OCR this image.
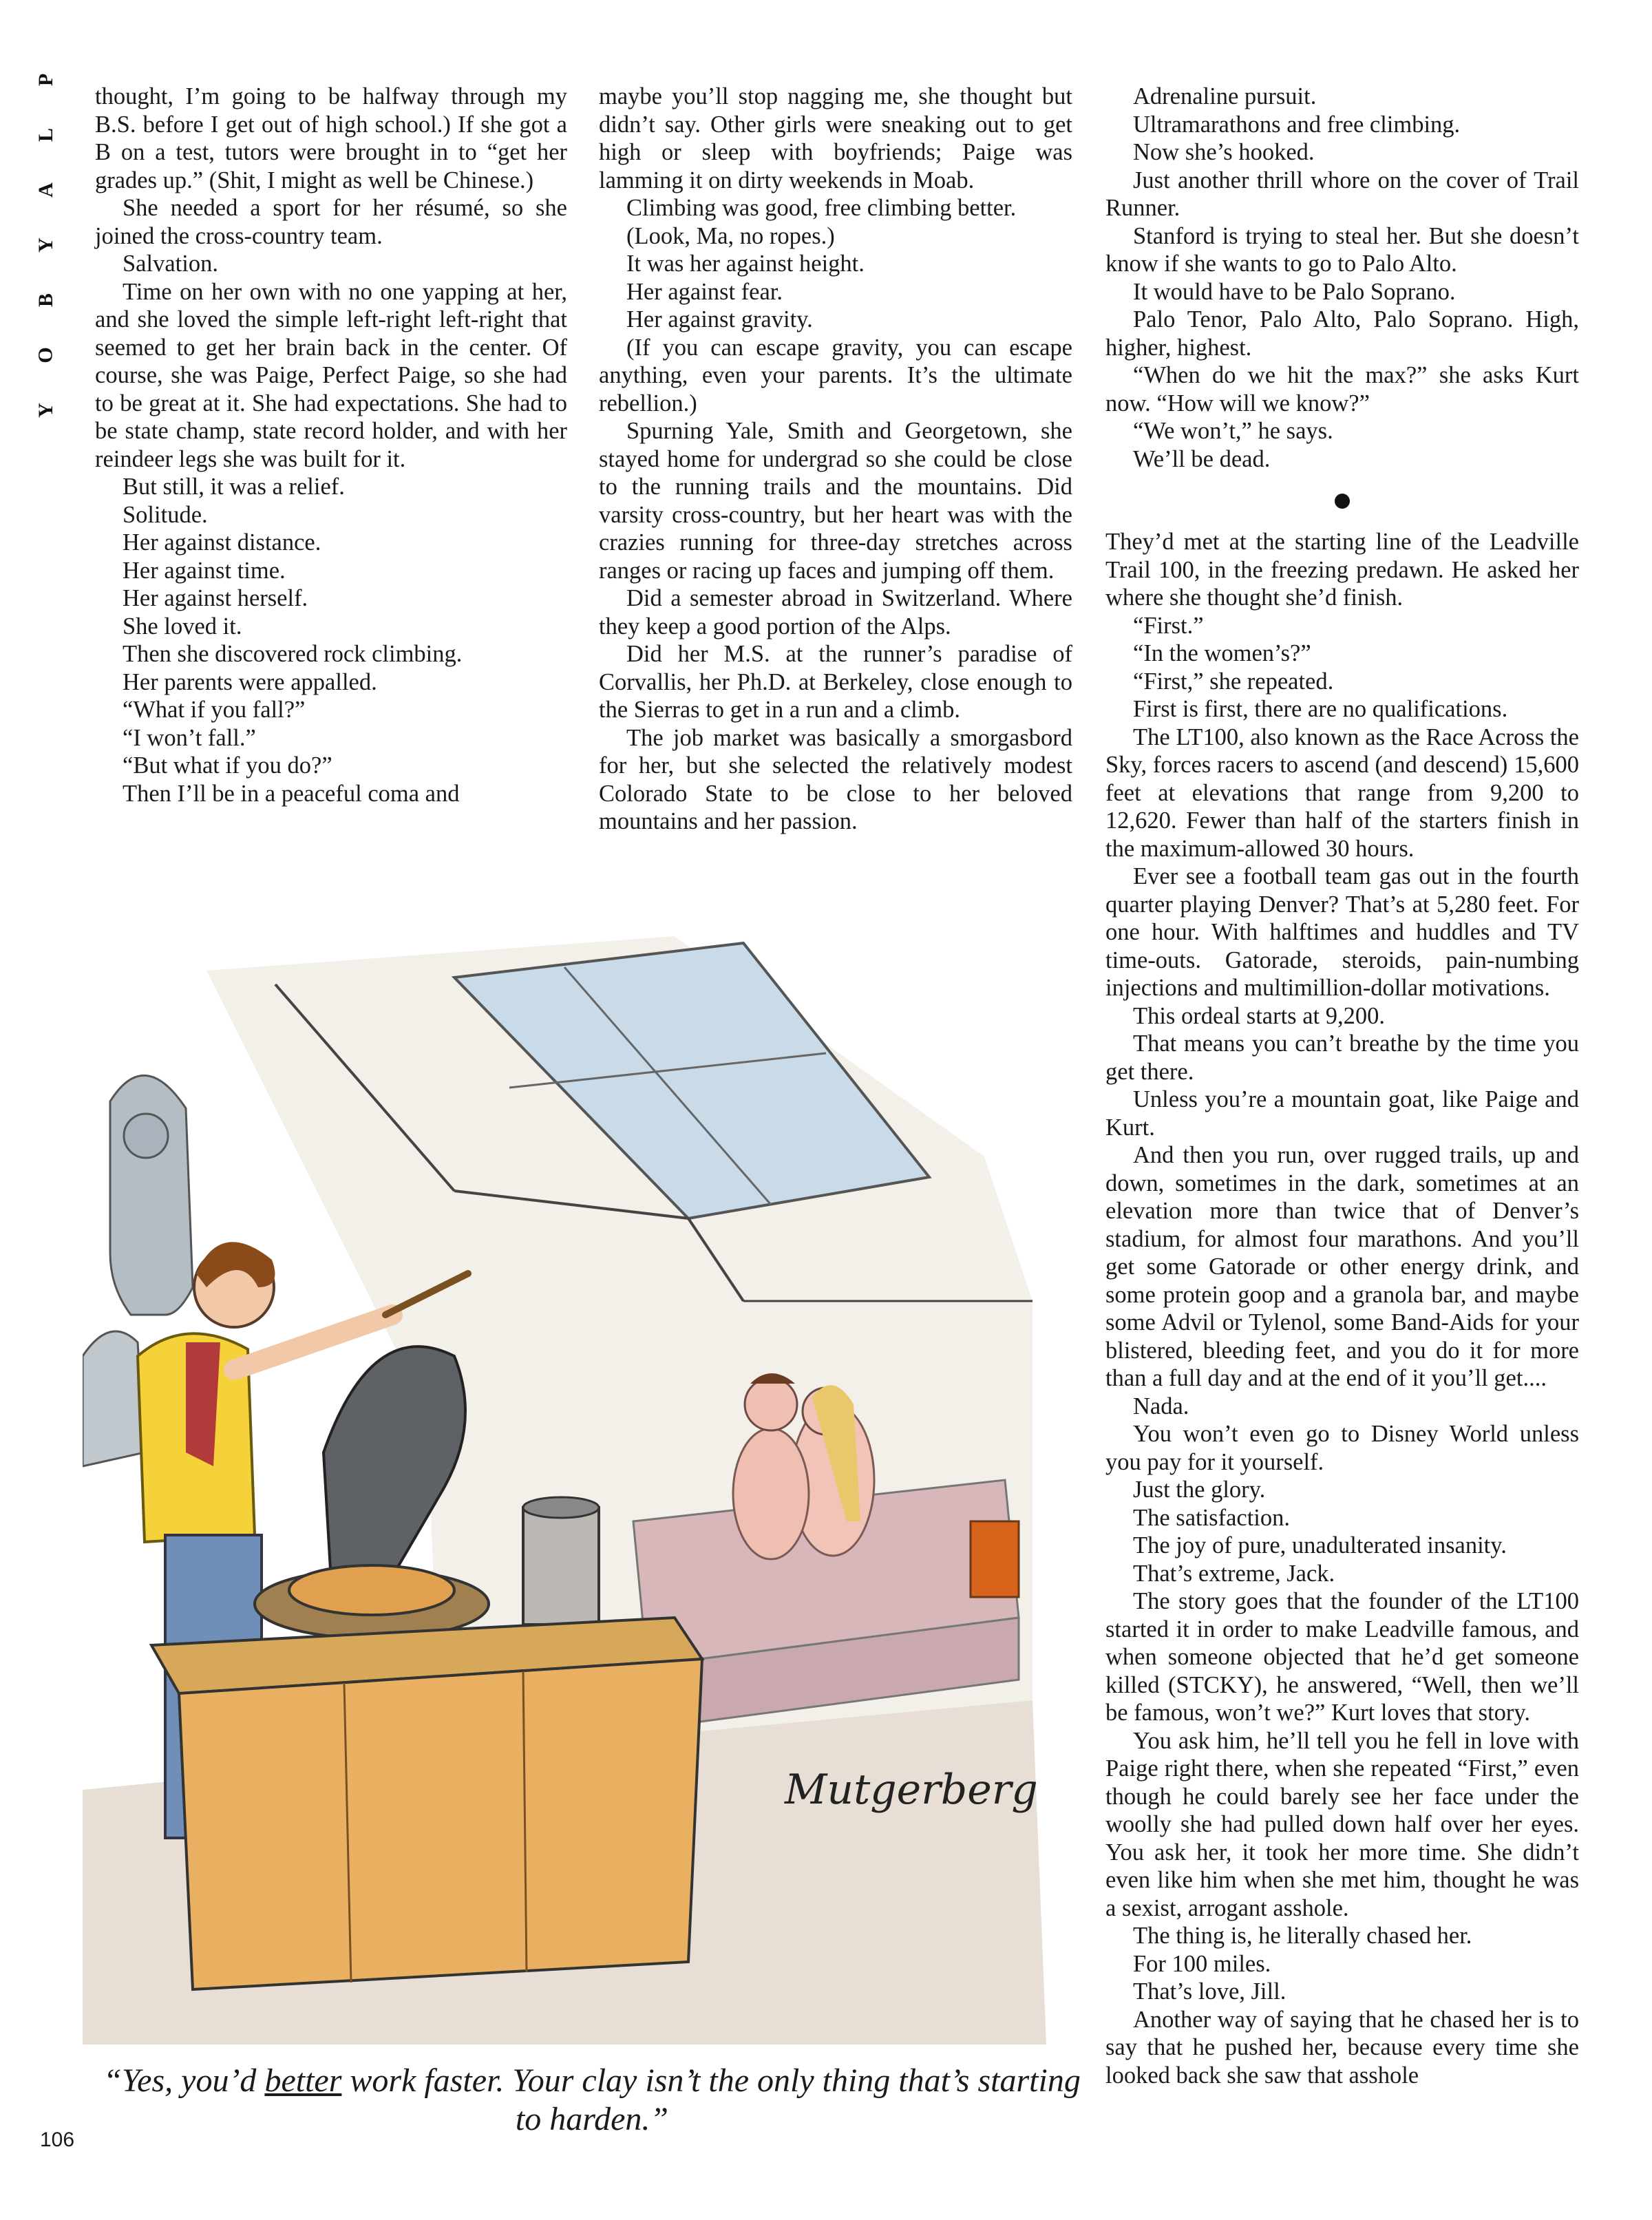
P
L
A
Y
B
O
Y

thought, I’m going to be halfway through my B.S. before I get out of high school.) If she got a B on a test, tutors were brought in to “get her grades up.” (Shit, I might as well be Chinese.)

She needed a sport for her résumé, so she joined the cross-country team.

Salvation.

Time on her own with no one yapping at her, and she loved the simple left-right left-right that seemed to get her brain back in the center. Of course, she was Paige, Perfect Paige, so she had to be great at it. She had expectations. She had to be state champ, state record holder, and with her reindeer legs she was built for it.

But still, it was a relief.

Solitude.

Her against distance.

Her against time.

Her against herself.

She loved it.

Then she discovered rock climbing.

Her parents were appalled.

“What if you fall?”

“I won’t fall.”

“But what if you do?”

Then I’ll be in a peaceful coma and

maybe you’ll stop nagging me, she thought but didn’t say. Other girls were sneaking out to get high or sleep with boyfriends; Paige was lamming it on dirty weekends in Moab.

Climbing was good, free climbing better.

(Look, Ma, no ropes.)

It was her against height.

Her against fear.

Her against gravity.

(If you can escape gravity, you can escape anything, even your parents. It’s the ultimate rebellion.)

Spurning Yale, Smith and Georgetown, she stayed home for undergrad so she could be close to the running trails and the mountains. Did varsity cross-country, but her heart was with the crazies running for three-day stretches across ranges or racing up faces and jumping off them.

Did a semester abroad in Switzerland. Where they keep a good portion of the Alps.

Did her M.S. at the runner’s paradise of Corvallis, her Ph.D. at Berkeley, close enough to the Sierras to get in a run and a climb.

The job market was basically a smorgasbord for her, but she selected the relatively modest Colorado State to be close to her beloved mountains and her passion.

Adrenaline pursuit.

Ultramarathons and free climbing.

Now she’s hooked.

Just another thrill whore on the cover of Trail Runner.

Stanford is trying to steal her. But she doesn’t know if she wants to go to Palo Alto.

It would have to be Palo Soprano.

Palo Tenor, Palo Alto, Palo Soprano. High, higher, highest.

“When do we hit the max?” she asks Kurt now. “How will we know?”

“We won’t,” he says.

We’ll be dead.

They’d met at the starting line of the Leadville Trail 100, in the freezing predawn. He asked her where she thought she’d finish.

“First.”

“In the women’s?”

“First,” she repeated.

First is first, there are no qualifications.

The LT100, also known as the Race Across the Sky, forces racers to ascend (and descend) 15,600 feet at elevations that range from 9,200 to 12,620. Fewer than half of the starters finish in the maximum-allowed 30 hours.

Ever see a football team gas out in the fourth quarter playing Denver? That’s at 5,280 feet. For one hour. With halftimes and huddles and TV time-outs. Gatorade, steroids, pain-numbing injections and multimillion-dollar motivations.

This ordeal starts at 9,200.

That means you can’t breathe by the time you get there.

Unless you’re a mountain goat, like Paige and Kurt.

And then you run, over rugged trails, up and down, sometimes in the dark, sometimes at an elevation more than twice that of Denver’s stadium, for almost four marathons. And you’ll get some Gatorade or other energy drink, and some protein goop and a granola bar, and maybe some Advil or Tylenol, some Band-Aids for your blistered, bleeding feet, and you do it for more than a full day and at the end of it you’ll get....

Nada.

You won’t even go to Disney World unless you pay for it yourself.

Just the glory.

The satisfaction.

The joy of pure, unadulterated insanity.

That’s extreme, Jack.

The story goes that the founder of the LT100 started it in order to make Leadville famous, and when someone objected that he’d get someone killed (STCKY), he answered, “Well, then we’ll be famous, won’t we?” Kurt loves that story.

You ask him, he’ll tell you he fell in love with Paige right there, when she repeated “First,” even though he could barely see her face under the woolly she had pulled down half over her eyes. You ask her, it took her more time. She didn’t even like him when she met him, thought he was a sexist, arrogant asshole.

The thing is, he literally chased her.

For 100 miles.

That’s love, Jill.

Another way of saying that he chased her is to say that he pushed her, because every time she looked back she saw that asshole

Mutgerberg
“Yes, you’d better work faster. Your clay isn’t the only thing that’s starting to harden.”
106
